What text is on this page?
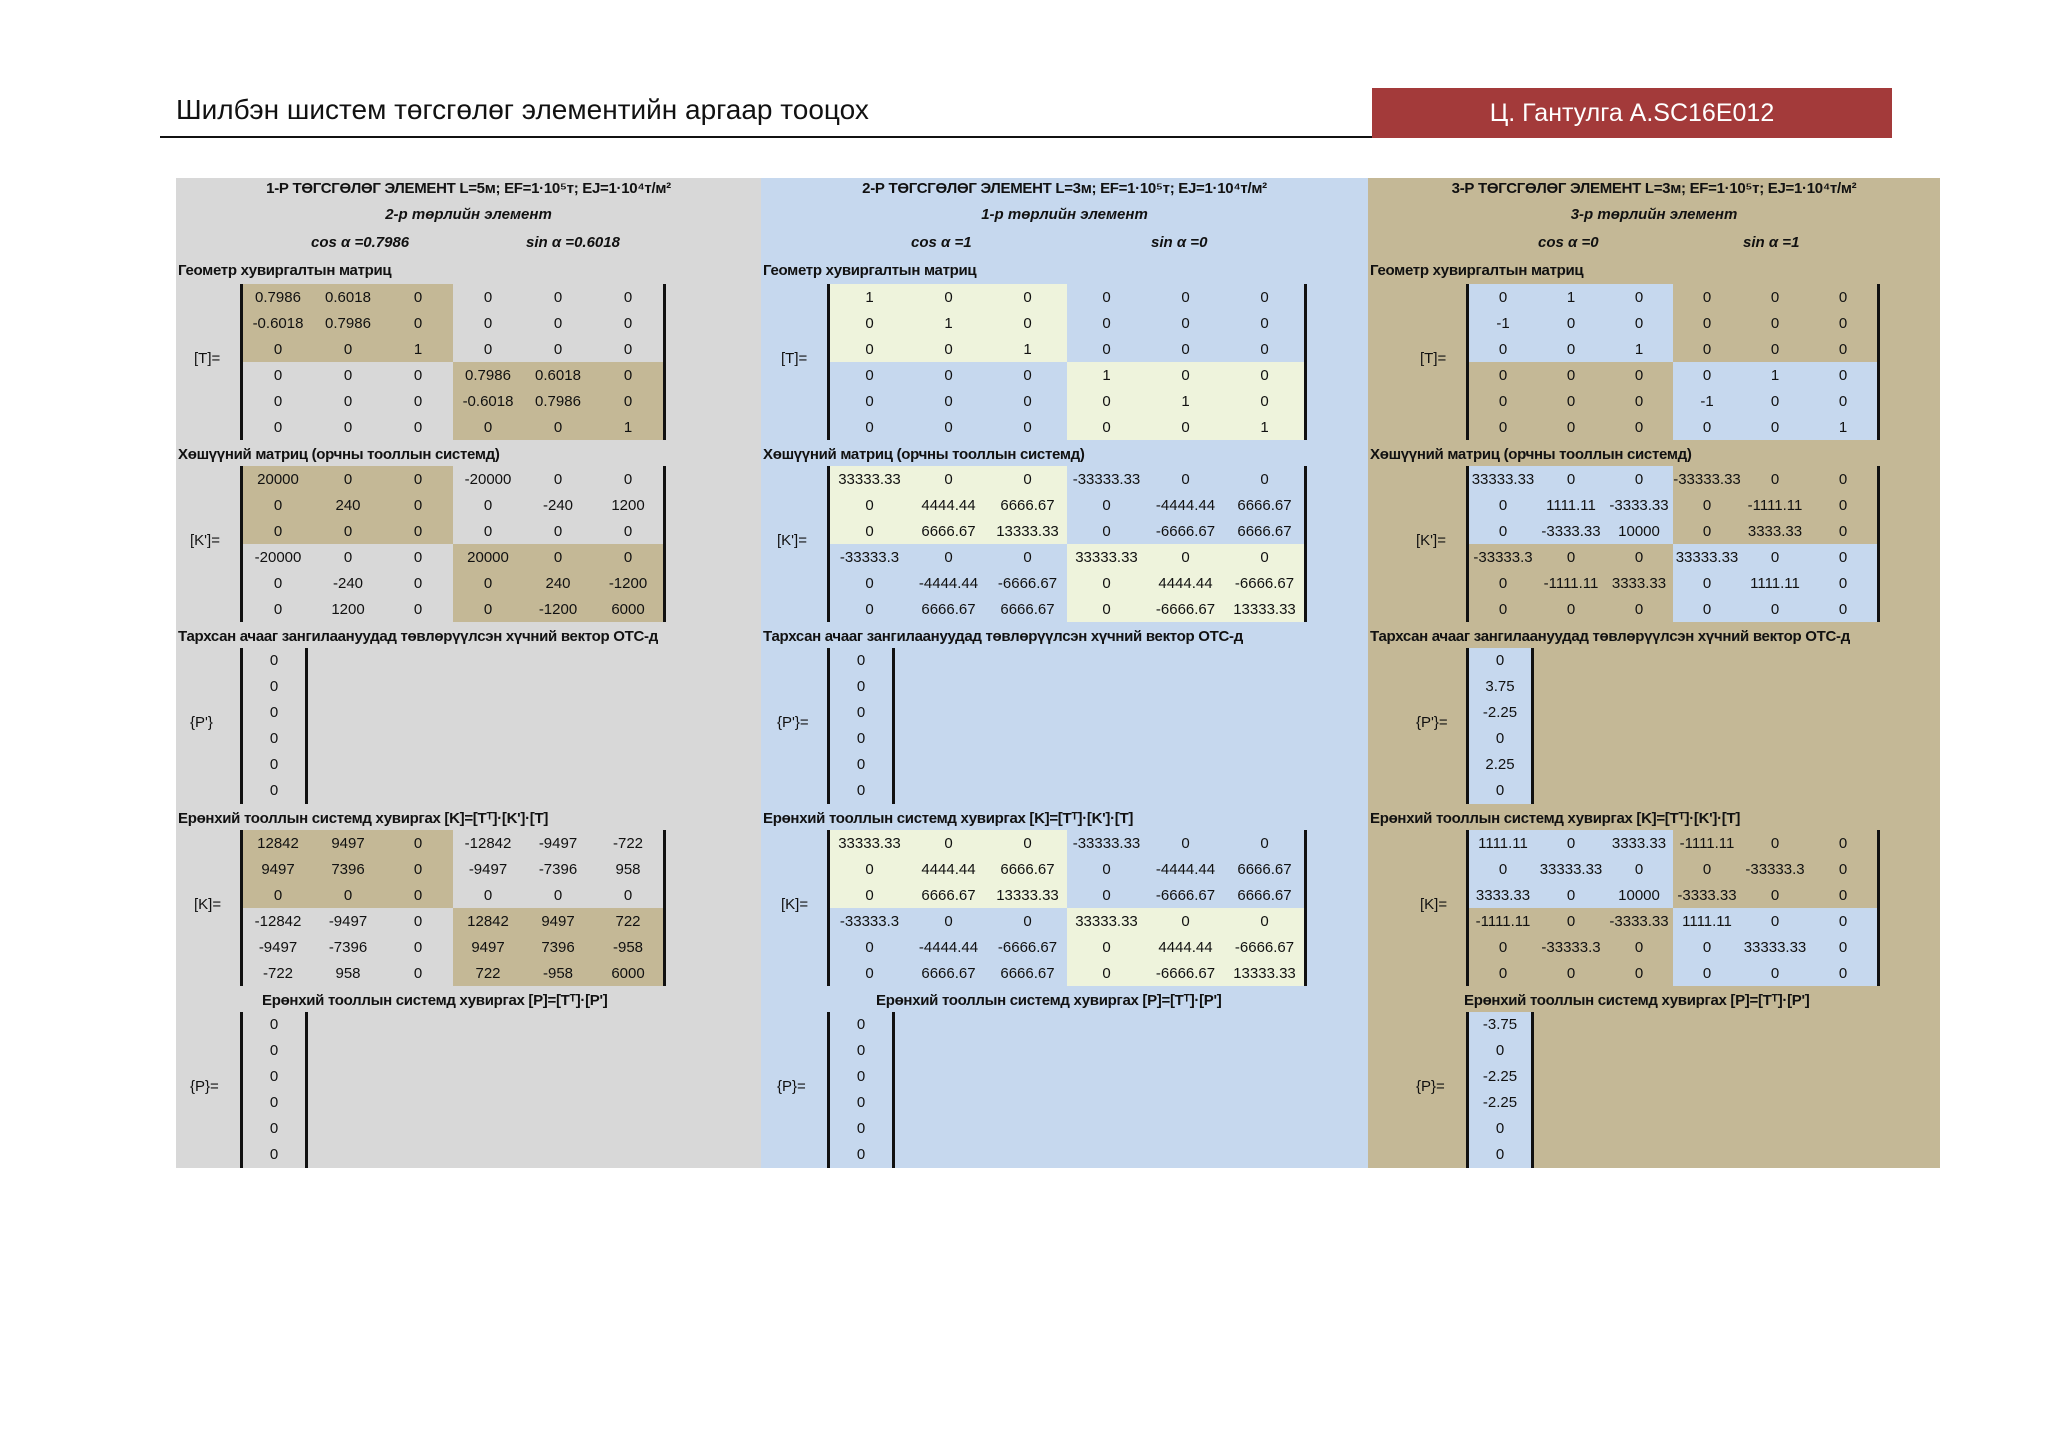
Шилбэн шистем төгсгөлөг элементийн аргаар тооцох	Ц. Гантулга A.SC16E012
1-Р ТӨГСГӨЛӨГ ЭЛЕМЕНТ L=5м; EF=1·10⁵т; EJ=1·10⁴т/м²
2-р төрлийн элемент
cos α =0.7986	sin α =0.6018
Геометр хувиргалтын матриц
[T]=
0.7986	0.6018	0	0	0	0
-0.6018	0.7986	0	0	0	0
0	0	1	0	0	0
0	0	0	0.7986	0.6018	0
0	0	0	-0.6018	0.7986	0
0	0	0	0	0	1
Хөшүүний матриц (орчны тооллын системд)
[K']=
20000	0	0	-20000	0	0
0	240	0	0	-240	1200
0	0	0	0	0	0
-20000	0	0	20000	0	0
0	-240	0	0	240	-1200
0	1200	0	0	-1200	6000
Тархсан ачааг зангилаануудад төвлөрүүлсэн хүчний вектор ОТС-д
{P'}
0
0
0
0
0
0
Ерөнхий тооллын системд хувиргах [K]=[Tᵀ]·[K']·[T]
[K]=
12842	9497	0	-12842	-9497	-722
9497	7396	0	-9497	-7396	958
0	0	0	0	0	0
-12842	-9497	0	12842	9497	722
-9497	-7396	0	9497	7396	-958
-722	958	0	722	-958	6000
Ерөнхий тооллын системд хувиргах [P]=[Tᵀ]·[P']
{P}=
0
0
0
0
0
0
2-Р ТӨГСГӨЛӨГ ЭЛЕМЕНТ L=3м; EF=1·10⁵т; EJ=1·10⁴т/м²
1-р төрлийн элемент
cos α =1	sin α =0
Геометр хувиргалтын матриц
[T]=
1	0	0	0	0	0
0	1	0	0	0	0
0	0	1	0	0	0
0	0	0	1	0	0
0	0	0	0	1	0
0	0	0	0	0	1
Хөшүүний матриц (орчны тооллын системд)
[K']=
33333.33	0	0	-33333.33	0	0
0	4444.44	6666.67	0	-4444.44	6666.67
0	6666.67	13333.33	0	-6666.67	6666.67
-33333.3	0	0	33333.33	0	0
0	-4444.44	-6666.67	0	4444.44	-6666.67
0	6666.67	6666.67	0	-6666.67	13333.33
Тархсан ачааг зангилаануудад төвлөрүүлсэн хүчний вектор ОТС-д
{P'}=
0
0
0
0
0
0
Ерөнхий тооллын системд хувиргах [K]=[Tᵀ]·[K']·[T]
[K]=
33333.33	0	0	-33333.33	0	0
0	4444.44	6666.67	0	-4444.44	6666.67
0	6666.67	13333.33	0	-6666.67	6666.67
-33333.3	0	0	33333.33	0	0
0	-4444.44	-6666.67	0	4444.44	-6666.67
0	6666.67	6666.67	0	-6666.67	13333.33
Ерөнхий тооллын системд хувиргах [P]=[Tᵀ]·[P']
{P}=
0
0
0
0
0
0
3-Р ТӨГСГӨЛӨГ ЭЛЕМЕНТ L=3м; EF=1·10⁵т; EJ=1·10⁴т/м²
3-р төрлийн элемент
cos α =0	sin α =1
Геометр хувиргалтын матриц
[T]=
0	1	0	0	0	0
-1	0	0	0	0	0
0	0	1	0	0	0
0	0	0	0	1	0
0	0	0	-1	0	0
0	0	0	0	0	1
Хөшүүний матриц (орчны тооллын системд)
[K']=
33333.33	0	0	-33333.33	0	0
0	1111.11	-3333.33	0	-1111.11	0
0	-3333.33	10000	0	3333.33	0
-33333.3	0	0	33333.33	0	0
0	-1111.11	3333.33	0	1111.11	0
0	0	0	0	0	0
Тархсан ачааг зангилаануудад төвлөрүүлсэн хүчний вектор ОТС-д
{P'}=
0
3.75
-2.25
0
2.25
0
Ерөнхий тооллын системд хувиргах [K]=[Tᵀ]·[K']·[T]
[K]=
1111.11	0	3333.33	-1111.11	0	0
0	33333.33	0	0	-33333.3	0
3333.33	0	10000	-3333.33	0	0
-1111.11	0	-3333.33	1111.11	0	0
0	-33333.3	0	0	33333.33	0
0	0	0	0	0	0
Ерөнхий тооллын системд хувиргах [P]=[Tᵀ]·[P']
{P}=
-3.75
0
-2.25
-2.25
0
0
